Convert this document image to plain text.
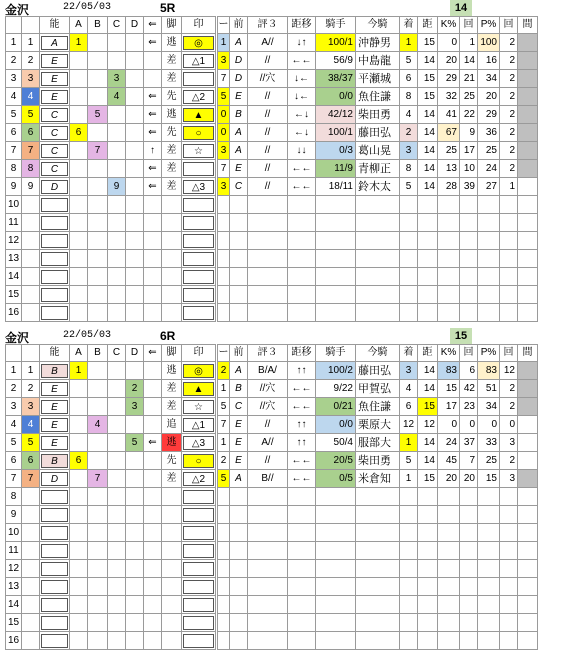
金沢	22/05/03	5R	14
		能	A	B	C	D	⇐	脚	印		ー	前	評３	距移	騎手	今騎	着	距	K%	回	P%	回	間
1	1	A	1				⇐	逃	◎		1	A	A//	↓↑	100/1	沖静男	1	15	0	1	100	2	
2	2	E						差	△1		3	D	//	←←	56/9	中島龍	5	14	20	14	16	2	
3	3	E			3			差			7	D	//穴	↓←	38/37	平瀬城	6	15	29	21	34	2	
4	4	E			4		⇐	先	△2		5	E	//	↓←	0/0	魚住謙	8	15	32	25	20	2	
5	5	C		5			⇐	逃	▲		0	B	//	←↓	42/12	柴田勇	4	14	41	22	29	2	
6	6	C	6				⇐	先	○		0	A	//	←↓	100/1	藤田弘	2	14	67	9	36	2	
7	7	C		7			↑	差	☆		3	A	//	↓↓	0/3	葛山晃	3	14	25	17	25	2	
8	8	C					⇐	差			7	E	//	←←	11/9	青柳正	8	14	13	10	24	2	
9	9	D			9		⇐	差	△3		3	C	//	←←	18/11	鈴木太	5	14	28	39	27	1	
10		

11		

12		

13		

14		

15		

16		

金沢	22/05/03	6R	15
		能	A	B	C	D	⇐	脚	印		ー	前	評３	距移	騎手	今騎	着	距	K%	回	P%	回	間
1	1	B	1					逃	◎		2	A	B/A/	↑↑	100/2	藤田弘	3	14	83	6	83	12	
2	2	E				2		差	▲		1	B	//穴	←←	9/22	甲賀弘	4	14	15	42	51	2	
3	3	E				3		差	☆		5	C	//穴	←←	0/21	魚住謙	6	15	17	23	34	2	
4	4	E		4				追	△1		7	E	//	↑↑	0/0	栗原大	12	12	0	0	0	0	
5	5	E				5	⇐	逃	△3		1	E	A//	↑↑	50/4	服部大	1	14	24	37	33	3	
6	6	B	6					先	○		2	E	//	←←	20/5	柴田勇	5	14	45	7	25	2	
7	7	D		7				差	△2		5	A	B//	←←	0/5	米倉知	1	15	20	20	15	3	
8		

9		

10		

11		

12		

13		

14		

15		

16		
